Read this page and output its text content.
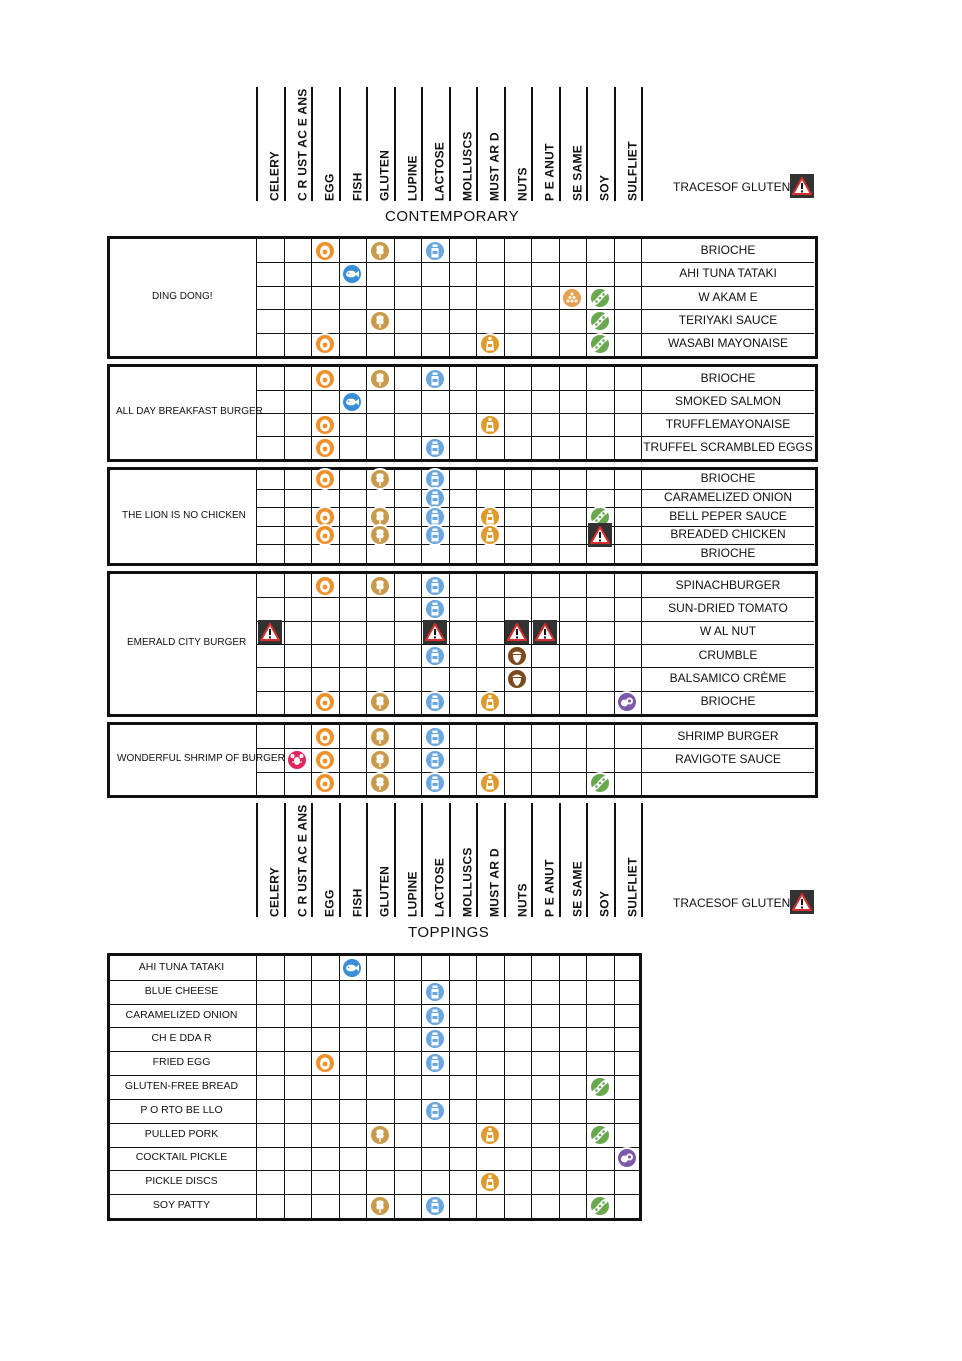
CELERY C R UST AC E ANS EGG FISH GLUTEN LUPINE LACTOSE MOLLUSCS MUST AR D NUTS P E ANUT SE SAME SOY SULFLIET
CONTEMPORARY
TRACESOF GLUTEN
CELERY C R UST AC E ANS EGG FISH GLUTEN LUPINE LACTOSE MOLLUSCS MUST AR D NUTS P E ANUT SE SAME SOY SULFLIET
TOPPINGS
TRACESOF GLUTEN
DING DONG!
BRIOCHE
AHI TUNA TATAKI
W AKAM E
TERIYAKI SAUCE
WASABI MAYONAISE
ALL DAY BREAKFAST BURGER
BRIOCHE
SMOKED SALMON
TRUFFLEMAYONAISE
TRUFFEL SCRAMBLED EGGS
THE LION IS NO CHICKEN
BRIOCHE
CARAMELIZED ONION
BELL PEPER SAUCE
BREADED CHICKEN
BRIOCHE
EMERALD CITY BURGER
SPINACHBURGER
SUN-DRIED TOMATO
W AL NUT
CRUMBLE
BALSAMICO CRÈME
BRIOCHE
WONDERFUL SHRIMP OF BURGER
SHRIMP BURGER
RAVIGOTE SAUCE
AHI TUNA TATAKI
BLUE CHEESE
CARAMELIZED ONION
CH E DDA R
FRIED EGG
GLUTEN-FREE BREAD
P O RTO BE LLO
PULLED PORK
COCKTAIL PICKLE
PICKLE DISCS
SOY PATTY
